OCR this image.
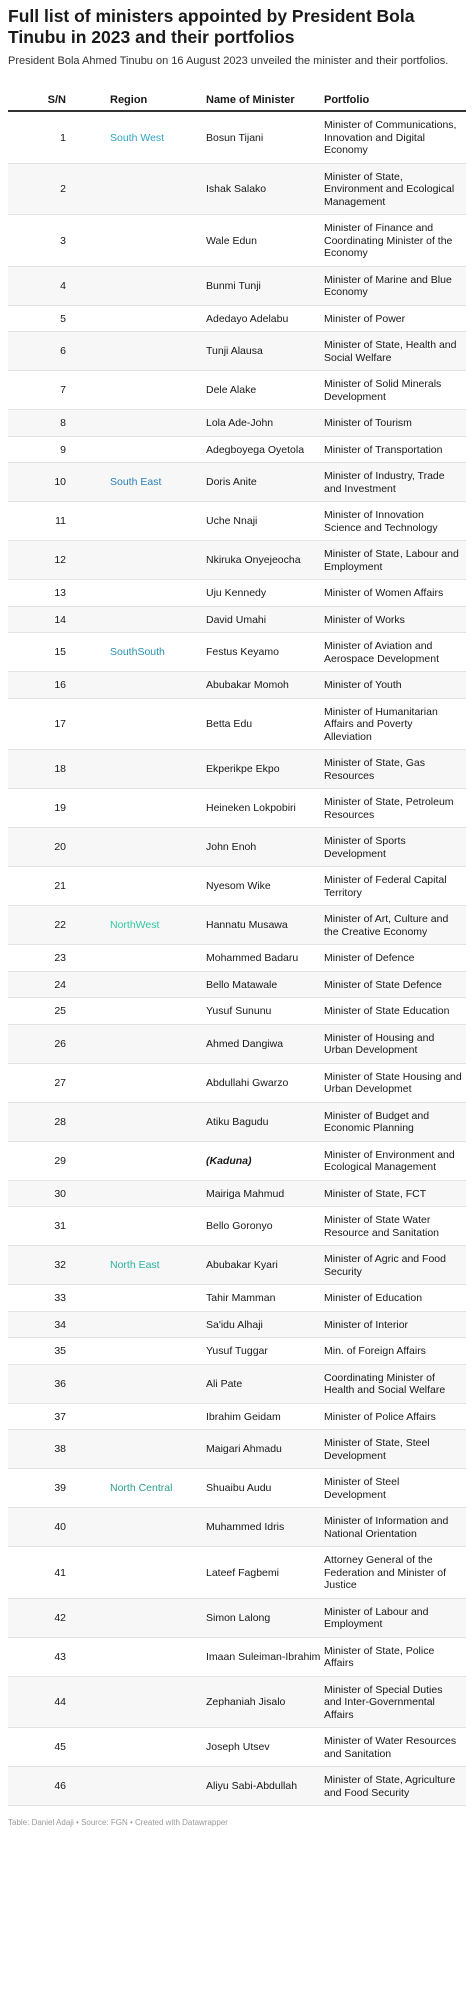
Full list of ministers appointed by President Bola Tinubu in 2023 and their portfolios

President Bola Ahmed Tinubu on 16 August 2023 unveiled the minister and their portfolios.

S/N	Region	Name of Minister	Portfolio
1	South West	Bosun Tijani	Minister of Communications, Innovation and Digital Economy
2		Ishak Salako	Minister of State, Environment and Ecological Management
3		Wale Edun	Minister of Finance and Coordinating Minister of the Economy
4		Bunmi Tunji	Minister of Marine and Blue Economy
5		Adedayo Adelabu	Minister of Power
6		Tunji Alausa	Minister of State, Health and Social Welfare
7		Dele Alake	Minister of Solid Minerals Development
8		Lola Ade-John	Minister of Tourism
9		Adegboyega Oyetola	Minister of Transportation
10	South East	Doris Anite	Minister of Industry, Trade and Investment
11		Uche Nnaji	Minister of Innovation Science and Technology
12		Nkiruka Onyejeocha	Minister of State, Labour and Employment
13		Uju Kennedy	Minister of Women Affairs
14		David Umahi	Minister of Works
15	SouthSouth	Festus Keyamo	Minister of Aviation and Aerospace Development
16		Abubakar Momoh	Minister of Youth
17		Betta Edu	Minister of Humanitarian Affairs and Poverty Alleviation
18		Ekperikpe Ekpo	Minister of State, Gas Resources
19		Heineken Lokpobiri	Minister of State, Petroleum Resources
20		John Enoh	Minister of Sports Development
21		Nyesom Wike	Minister of Federal Capital Territory
22	NorthWest	Hannatu Musawa	Minister of Art, Culture and the Creative Economy
23		Mohammed Badaru	Minister of Defence
24		Bello Matawale	Minister of State Defence
25		Yusuf Sununu	Minister of State Education
26		Ahmed Dangiwa	Minister of Housing and Urban Development
27		Abdullahi Gwarzo	Minister of State Housing and Urban Developmet
28		Atiku Bagudu	Minister of Budget and Economic Planning
29		(Kaduna)	Minister of Environment and Ecological Management
30		Mairiga Mahmud	Minister of State, FCT
31		Bello Goronyo	Minister of State Water Resource and Sanitation
32	North East	Abubakar Kyari	Minister of Agric and Food Security
33		Tahir Mamman	Minister of Education
34		Sa'idu Alhaji	Minister of Interior
35		Yusuf Tuggar	Min. of Foreign Affairs
36		Ali Pate	Coordinating Minister of Health and Social Welfare
37		Ibrahim Geidam	Minister of Police Affairs
38		Maigari Ahmadu	Minister of State, Steel Development
39	North Central	Shuaibu Audu	Minister of Steel Development
40		Muhammed Idris	Minister of Information and National Orientation
41		Lateef Fagbemi	Attorney General of the Federation and Minister of Justice
42		Simon Lalong	Minister of Labour and Employment
43		Imaan Suleiman-Ibrahim	Minister of State, Police Affairs
44		Zephaniah Jisalo	Minister of Special Duties and Inter-Governmental Affairs
45		Joseph Utsev	Minister of Water Resources and Sanitation
46		Aliyu Sabi-Abdullah	Minister of State, Agriculture and Food Security

Table: Daniel Adaji • Source: FGN • Created with Datawrapper
